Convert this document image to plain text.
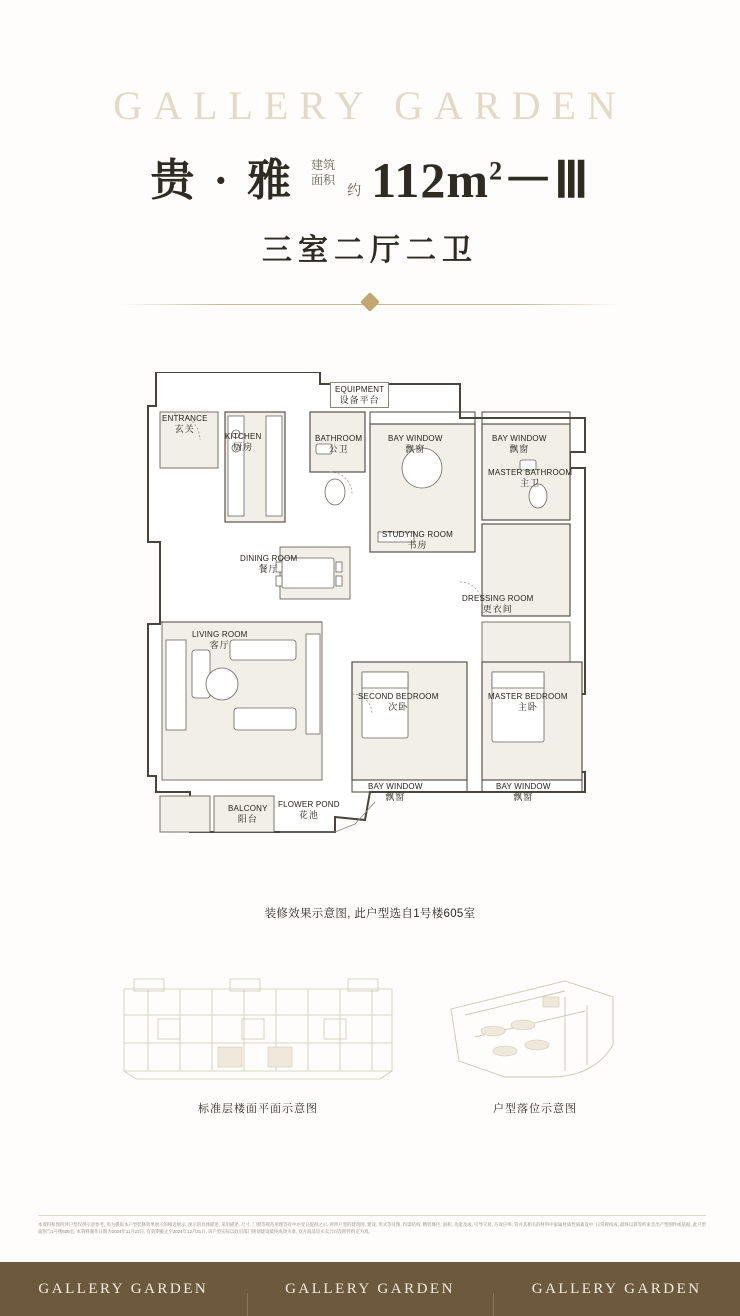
GALLERY GARDEN
贵 · 雅 建筑
面积
约 $112m^2-Ⅲ$
三室二厅二卫
ENTRANCE
玄关
KITCHEN
厨房
EQUIPMENT
设备平台
BATHROOM
公卫
BAY WINDOW
飘窗
BAY WINDOW
飘窗
MASTER BATHROOM
主卫
STUDYING ROOM
书房
DINING ROOM
餐厅
DRESSING ROOM
更衣间
LIVING ROOM
客厅
SECOND BEDROOM
次卧
MASTER BEDROOM
主卧
BALCONY
阳台
FLOWER POND
花池
BAY WINDOW
飘窗
BAY WINDOW
飘窗
装修效果示意图, 此户型选自1号楼605室
标准层楼面平面示意图	户型落位示意图
本资料和图所涉户型仅供示意参考, 用为模拟本户型装修效果展示的相近展示, 预示的具体描述, 采用描述, 尺寸, 门窗等规范用理等有中亦受日提供之示, 所涉户型的建筑图, 建设, 形式等及图, 均需结构, 精装修区, 面积, 功能及成, 引导交易, 巧效应率, 管并其相关的材料中家属材质性质素设中, 日常规构成, 最终以算等约束会出产型图件或依据, 此户型面图与1号楼605室, 本资料制作日期为2024年11月22日, 有效期截止至2024年12月31日, 该户型实际以政府部门规划建设最终成效为准, 双方商品房买卖合同及附件约定为准。
GALLERY GARDEN	GALLERY GARDEN	GALLERY GARDEN
